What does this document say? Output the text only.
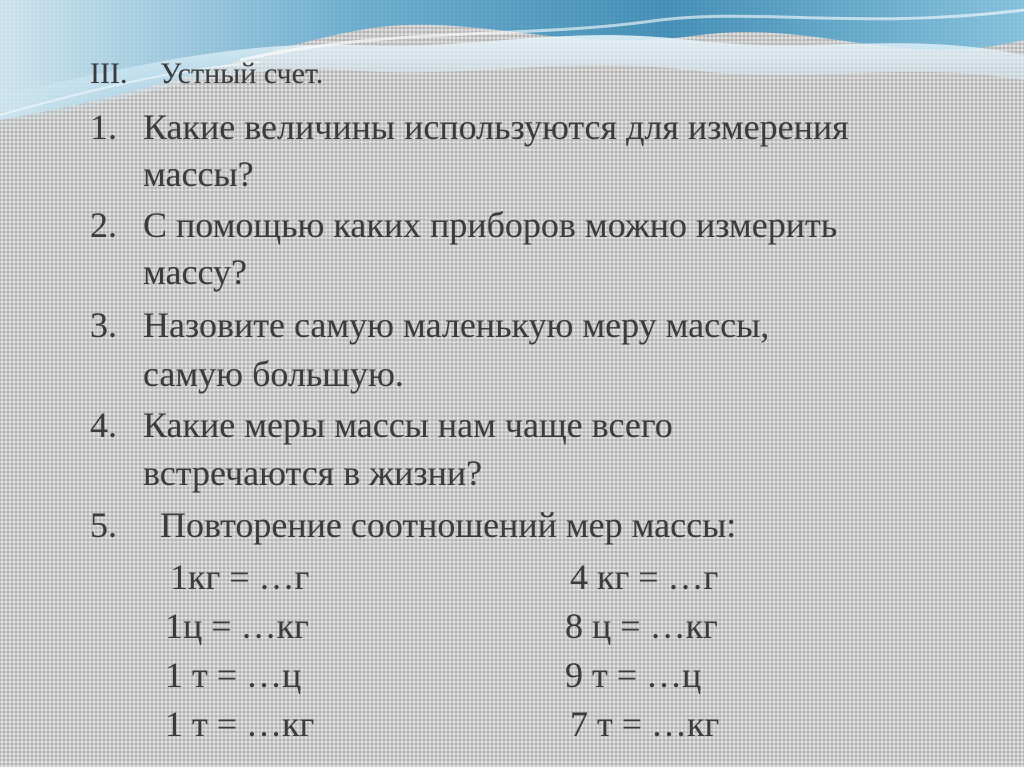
III. Устный счет.
1. Какие величины используются для измерения
массы?
2. С помощью каких приборов можно измерить
массу?
3. Назовите самую маленькую меру массы,
самую большую.
4. Какие меры массы нам чаще всего
встречаются в жизни?
5. Повторение соотношений мер массы:
1кг = …г
1ц = …кг
1 т = …ц
1 т = …кг
4 кг = …г
8 ц = …кг
9 т = …ц
7 т = …кг
